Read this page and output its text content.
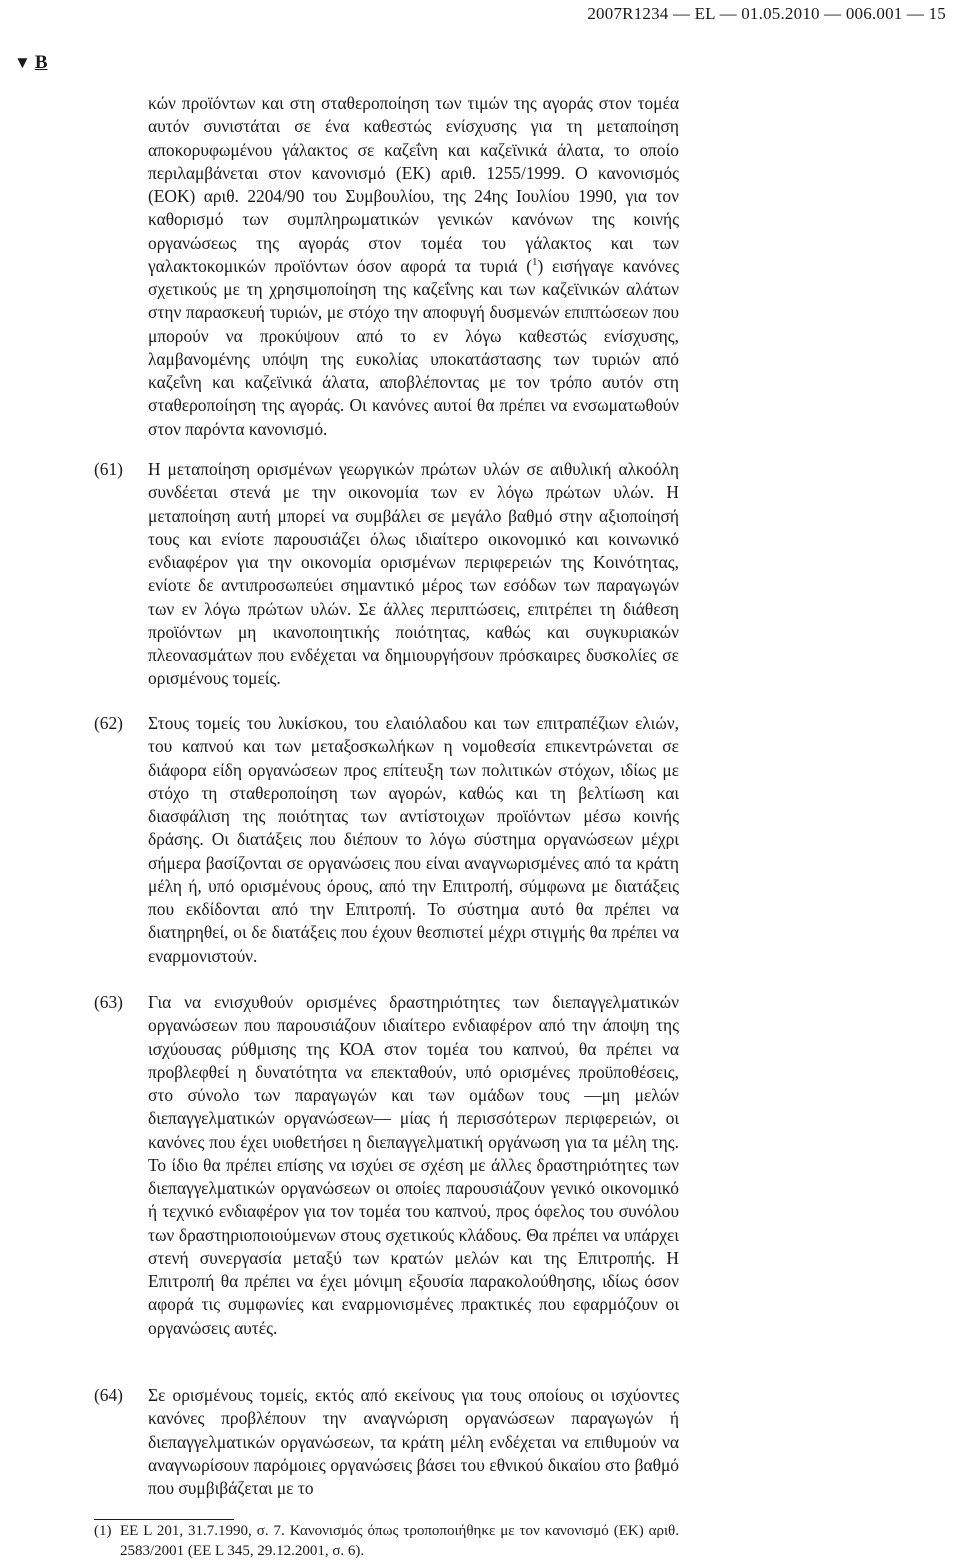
2007R1234 — EL — 01.05.2010 — 006.001 — 15
▼ B
κών προϊόντων και στη σταθεροποίηση των τιμών της αγοράς στον τομέα αυτόν συνιστάται σε ένα καθεστώς ενίσχυσης για τη μεταποίηση αποκορυφωμένου γάλακτος σε καζεΐνη και καζεϊνικά άλατα, το οποίο περιλαμβάνεται στον κανονισμό (ΕΚ) αριθ. 1255/1999. Ο κανονισμός (ΕΟΚ) αριθ. 2204/90 του Συμβουλίου, της 24ης Ιουλίου 1990, για τον καθορισμό των συμπληρωματικών γενικών κανόνων της κοινής οργανώσεως της αγοράς στον τομέα του γάλακτος και των γαλακτοκομικών προϊόντων όσον αφορά τα τυριά ($^1$) εισήγαγε κανόνες σχετικούς με τη χρησιμοποίηση της καζεΐνης και των καζεϊνικών αλάτων στην παρασκευή τυριών, με στόχο την αποφυγή δυσμενών επιπτώσεων που μπορούν να προκύψουν από το εν λόγω καθεστώς ενίσχυσης, λαμβανομένης υπόψη της ευκολίας υποκατάστασης των τυριών από καζεΐνη και καζεϊνικά άλατα, αποβλέποντας με τον τρόπο αυτόν στη σταθεροποίηση της αγοράς. Οι κανόνες αυτοί θα πρέπει να ενσωματωθούν στον παρόντα κανονισμό.
(61) Η μεταποίηση ορισμένων γεωργικών πρώτων υλών σε αιθυλική αλκοόλη συνδέεται στενά με την οικονομία των εν λόγω πρώτων υλών. Η μεταποίηση αυτή μπορεί να συμβάλει σε μεγάλο βαθμό στην αξιοποίησή τους και ενίοτε παρουσιάζει όλως ιδιαίτερο οικονομικό και κοινωνικό ενδιαφέρον για την οικονομία ορισμένων περιφερειών της Κοινότητας, ενίοτε δε αντιπροσωπεύει σημαντικό μέρος των εσόδων των παραγωγών των εν λόγω πρώτων υλών. Σε άλλες περιπτώσεις, επιτρέπει τη διάθεση προϊόντων μη ικανοποιητικής ποιότητας, καθώς και συγκυριακών πλεονασμάτων που ενδέχεται να δημιουργήσουν πρόσκαιρες δυσκολίες σε ορισμένους τομείς.
(62) Στους τομείς του λυκίσκου, του ελαιόλαδου και των επιτραπέζιων ελιών, του καπνού και των μεταξοσκωλήκων η νομοθεσία επικεντρώνεται σε διάφορα είδη οργανώσεων προς επίτευξη των πολιτικών στόχων, ιδίως με στόχο τη σταθεροποίηση των αγορών, καθώς και τη βελτίωση και διασφάλιση της ποιότητας των αντίστοιχων προϊόντων μέσω κοινής δράσης. Οι διατάξεις που διέπουν το λόγω σύστημα οργανώσεων μέχρι σήμερα βασίζονται σε οργανώσεις που είναι αναγνωρισμένες από τα κράτη μέλη ή, υπό ορισμένους όρους, από την Επιτροπή, σύμφωνα με διατάξεις που εκδίδονται από την Επιτροπή. Το σύστημα αυτό θα πρέπει να διατηρηθεί, οι δε διατάξεις που έχουν θεσπιστεί μέχρι στιγμής θα πρέπει να εναρμονιστούν.
(63) Για να ενισχυθούν ορισμένες δραστηριότητες των διεπαγγελματικών οργανώσεων που παρουσιάζουν ιδιαίτερο ενδιαφέρον από την άποψη της ισχύουσας ρύθμισης της ΚΟΑ στον τομέα του καπνού, θα πρέπει να προβλεφθεί η δυνατότητα να επεκταθούν, υπό ορισμένες προϋποθέσεις, στο σύνολο των παραγωγών και των ομάδων τους —μη μελών διεπαγγελματικών οργανώσεων— μίας ή περισσότερων περιφερειών, οι κανόνες που έχει υιοθετήσει η διεπαγγελματική οργάνωση για τα μέλη της. Το ίδιο θα πρέπει επίσης να ισχύει σε σχέση με άλλες δραστηριότητες των διεπαγγελματικών οργανώσεων οι οποίες παρουσιάζουν γενικό οικονομικό ή τεχνικό ενδιαφέρον για τον τομέα του καπνού, προς όφελος του συνόλου των δραστηριοποιούμενων στους σχετικούς κλάδους. Θα πρέπει να υπάρχει στενή συνεργασία μεταξύ των κρατών μελών και της Επιτροπής. Η Επιτροπή θα πρέπει να έχει μόνιμη εξουσία παρακολούθησης, ιδίως όσον αφορά τις συμφωνίες και εναρμονισμένες πρακτικές που εφαρμόζουν οι οργανώσεις αυτές.
(64) Σε ορισμένους τομείς, εκτός από εκείνους για τους οποίους οι ισχύοντες κανόνες προβλέπουν την αναγνώριση οργανώσεων παραγωγών ή διεπαγγελματικών οργανώσεων, τα κράτη μέλη ενδέχεται να επιθυμούν να αναγνωρίσουν παρόμοιες οργανώσεις βάσει του εθνικού δικαίου στο βαθμό που συμβιβάζεται με το
(1) ΕΕ L 201, 31.7.1990, σ. 7. Κανονισμός όπως τροποποιήθηκε με τον κανονισμό (ΕΚ) αριθ. 2583/2001 (ΕΕ L 345, 29.12.2001, σ. 6).
